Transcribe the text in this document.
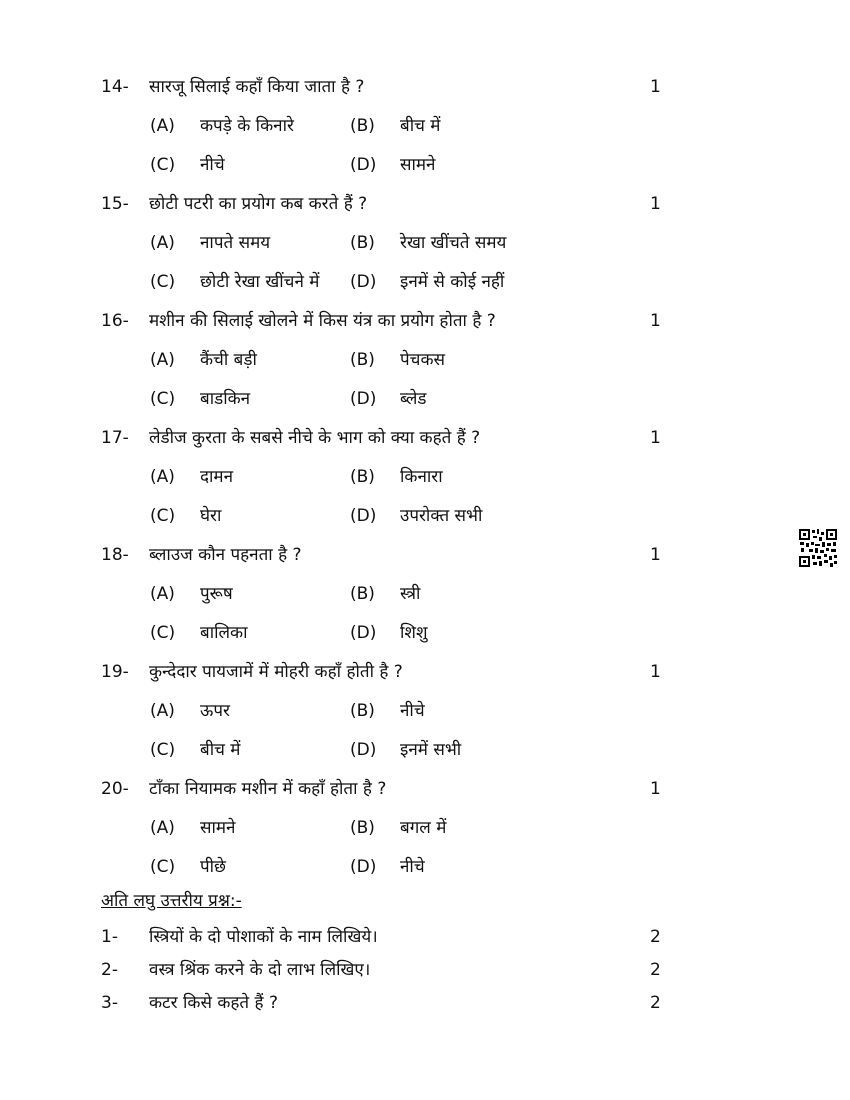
14- सारजू सिलाई कहाँ किया जाता है ?	1
(A) कपड़े के किनारे	(B) बीच में
(C) नीचे	(D) सामने
15- छोटी पटरी का प्रयोग कब करते हैं ?	1
(A) नापते समय	(B) रेखा खींचते समय
(C) छोटी रेखा खींचने में (D) इनमें से कोई नहीं
16- मशीन की सिलाई खोलने में किस यंत्र का प्रयोग होता है ?	1
(A) कैंची बड़ी	(B) पेचकस
(C) बाडकिन	(D) ब्लेड
17- लेडीज कुरता के सबसे नीचे के भाग को क्या कहते हैं ?	1
(A) दामन	(B) किनारा
(C) घेरा	(D) उपरोक्त सभी
18- ब्लाउज कौन पहनता है ?	1
(A) पुरूष	(B) स्त्री
(C) बालिका	(D) शिशु
19- कुन्देदार पायजामें में मोहरी कहाँ होती है ?	1
(A) ऊपर	(B) नीचे
(C) बीच में	(D) इनमें सभी
20- टाँका नियामक मशीन में कहाँ होता है ?	1
(A) सामने	(B) बगल में
(C) पीछे	(D) नीचे
अति लघु उत्तरीय प्रश्न:-
1- स्त्रियों के दो पोशाकों के नाम लिखिये।	2
2- वस्त्र श्रिंक करने के दो लाभ लिखिए।	2
3- कटर किसे कहते हैं ?	2
